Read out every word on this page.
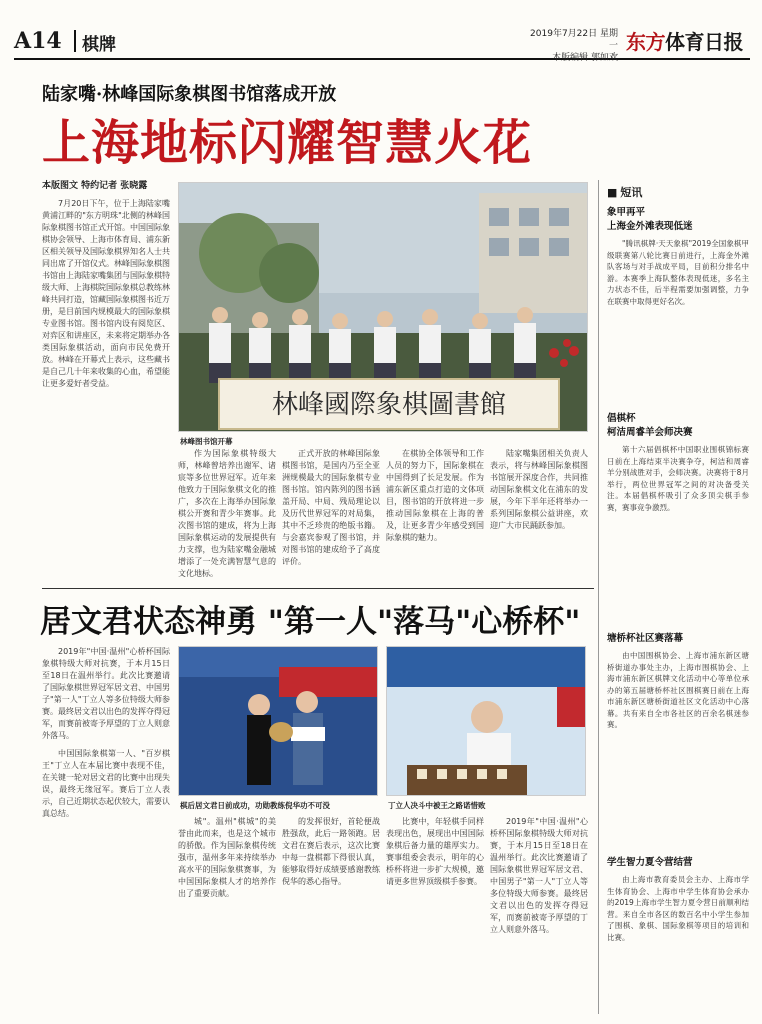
A14 棋牌
2019年7月22日 星期一
本版编辑 郭如欢
东方体育日报
陆家嘴·林峰国际象棋图书馆落成开放
上海地标闪耀智慧火花
本版图文 特约记者 张晓露

7月20日下午，位于上海陆家嘴黄浦江畔的"东方明珠"北侧的林峰国际象棋图书馆正式开馆。中国国际象棋协会领导、上海市体育局、浦东新区相关领导及国际象棋界知名人士共同出席了开馆仪式。林峰国际象棋图书馆由上海陆家嘴集团与国际象棋特级大师、上海棋院国际象棋总教练林峰共同打造，馆藏国际象棋图书近万册，是目前国内规模最大的国际象棋专业图书馆。图书馆内设有阅览区、对弈区和讲座区，未来将定期举办各类国际象棋活动，面向市民免费开放。林峰在开幕式上表示，这些藏书是自己几十年来收集的心血，希望能让更多爱好者受益。

林峰國際象棋圖書館
林峰图书馆开幕

作为国际象棋特级大师，林峰曾培养出谢军、诸宸等多位世界冠军。近年来他致力于国际象棋文化的推广，多次在上海举办国际象棋公开赛和青少年赛事。此次图书馆的建成，将为上海国际象棋运动的发展提供有力支撑，也为陆家嘴金融城增添了一处充满智慧气息的文化地标。

正式开放的林峰国际象棋图书馆，是国内乃至全亚洲规模最大的国际象棋专业图书馆。馆内陈列的图书涵盖开局、中局、残局理论以及历代世界冠军的对局集，其中不乏珍贵的绝版书籍。与会嘉宾参观了图书馆，并对图书馆的建成给予了高度评价。

在棋协全体领导和工作人员的努力下，国际象棋在中国得到了长足发展。作为浦东新区重点打造的文体项目，图书馆的开放将进一步推动国际象棋在上海的普及，让更多青少年感受到国际象棋的魅力。

陆家嘴集团相关负责人表示，将与林峰国际象棋图书馆展开深度合作，共同推动国际象棋文化在浦东的发展，今年下半年还将举办一系列国际象棋公益讲座，欢迎广大市民踊跃参加。

居文君状态神勇 "第一人"落马"心桥杯"

2019年"中国·温州"心桥杯国际象棋特级大师对抗赛，于本月15日至18日在温州举行。此次比赛邀请了国际象棋世界冠军居文君、中国男子"第一人"丁立人等多位特级大师参赛。最终居文君以出色的发挥夺得冠军，而赛前被寄予厚望的丁立人则意外落马。

中国国际象棋第一人、"百岁棋王"丁立人在本届比赛中表现不佳，在关键一轮对居文君的比赛中出现失误，最终无缘冠军。赛后丁立人表示，自己近期状态起伏较大，需要认真总结。

棋后居文君日前成功，功勋教练倪华功不可没	丁立人决斗中被王之路诺惜败

城"。温州"棋城"的美誉由此而来，也是这个城市的骄傲。作为国际象棋传统强市，温州多年来持续举办高水平的国际象棋赛事，为中国国际象棋人才的培养作出了重要贡献。

的发挥很好，首轮便战胜强敌，此后一路领跑。居文君在赛后表示，这次比赛中每一盘棋都下得很认真，能够取得好成绩要感谢教练倪华的悉心指导。

比赛中，年轻棋手同样表现出色，展现出中国国际象棋后备力量的雄厚实力。赛事组委会表示，明年的心桥杯将进一步扩大规模，邀请更多世界顶级棋手参赛。

2019年"中国·温州"心桥杯国际象棋特级大师对抗赛，于本月15日至18日在温州举行。此次比赛邀请了国际象棋世界冠军居文君、中国男子"第一人"丁立人等多位特级大师参赛。最终居文君以出色的发挥夺得冠军，而赛前被寄予厚望的丁立人则意外落马。

■ 短讯
象甲再平
上海金外滩表现低迷
"腾讯棋牌·天天象棋"2019全国象棋甲级联赛第八轮比赛日前进行，上海金外滩队客场与对手战成平局，目前积分排名中游。本赛季上海队整体表现低迷，多名主力状态不佳，后半程需要加强调整，力争在联赛中取得更好名次。
倡棋杯
柯洁周睿羊会师决赛
第十六届倡棋杯中国职业围棋锦标赛日前在上海结束半决赛争夺，柯洁和周睿羊分别战胜对手，会师决赛。决赛将于8月举行，两位世界冠军之间的对决备受关注。本届倡棋杯吸引了众多顶尖棋手参赛，赛事竞争激烈。
塘桥杯社区赛落幕
由中国围棋协会、上海市浦东新区塘桥街道办事处主办，上海市围棋协会、上海市浦东新区棋牌文化活动中心等单位承办的第五届塘桥杯社区围棋赛日前在上海市浦东新区塘桥街道社区文化活动中心落幕。共有来自全市各社区的百余名棋迷参赛。
学生智力夏令营结营
由上海市教育委员会主办、上海市学生体育协会、上海市中学生体育协会承办的2019上海市学生智力夏令营日前顺利结营。来自全市各区的数百名中小学生参加了围棋、象棋、国际象棋等项目的培训和比赛。
